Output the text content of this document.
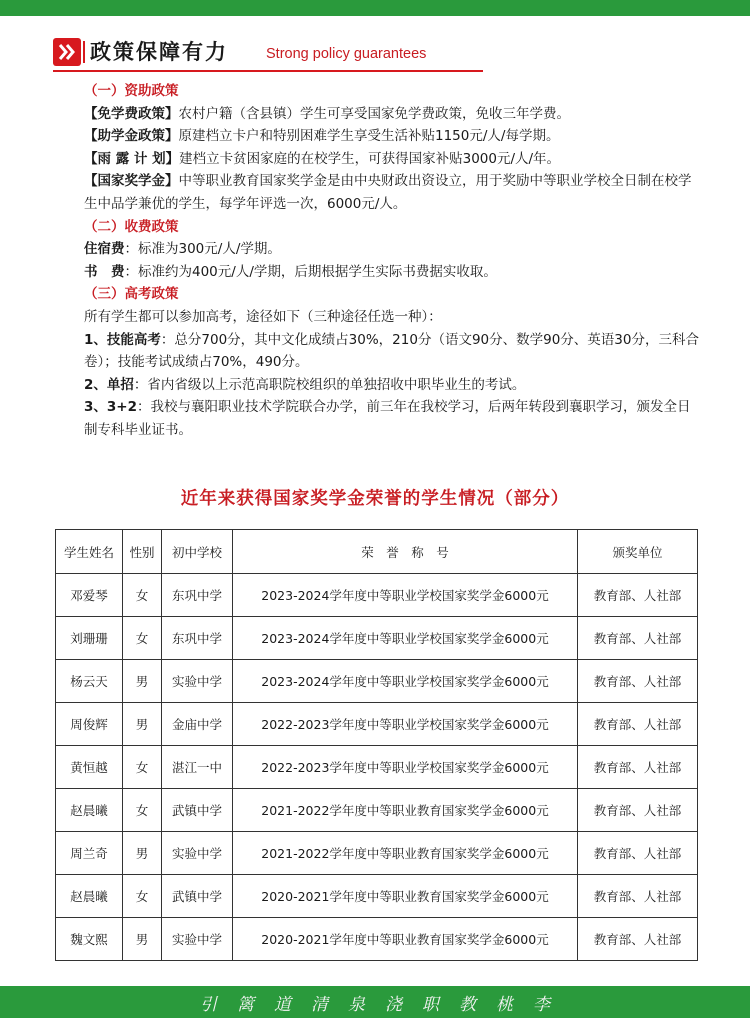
政策保障有力	Strong policy guarantees

（一）资助政策

【免学费政策】农村户籍（含县镇）学生可享受国家免学费政策，免收三年学费。

【助学金政策】原建档立卡户和特别困难学生享受生活补贴1150元/人/每学期。

【雨 露 计 划】建档立卡贫困家庭的在校学生，可获得国家补贴3000元/人/年。

【国家奖学金】中等职业教育国家奖学金是由中央财政出资设立，用于奖励中等职业学校全日制在校学生中品学兼优的学生，每学年评选一次，6000元/人。

（二）收费政策

住宿费：标准为300元/人/学期。

书　费：标准约为400元/人/学期，后期根据学生实际书费据实收取。

（三）高考政策

所有学生都可以参加高考，途径如下（三种途径任选一种）：

1、技能高考：总分700分，其中文化成绩占30%，210分（语文90分、数学90分、英语30分，三科合卷）；技能考试成绩占70%，490分。

2、单招：省内省级以上示范高职院校组织的单独招收中职毕业生的考试。

3、3+2：我校与襄阳职业技术学院联合办学，前三年在我校学习，后两年转段到襄职学习，颁发全日制专科毕业证书。

近年来获得国家奖学金荣誉的学生情况（部分）
学生姓名	性别	初中学校	荣　誉　称　号	颁奖单位
邓爱琴	女	东巩中学	2023-2024学年度中等职业学校国家奖学金6000元	教育部、人社部
刘珊珊	女	东巩中学	2023-2024学年度中等职业学校国家奖学金6000元	教育部、人社部
杨云天	男	实验中学	2023-2024学年度中等职业学校国家奖学金6000元	教育部、人社部
周俊辉	男	金庙中学	2022-2023学年度中等职业学校国家奖学金6000元	教育部、人社部
黄恒越	女	湛江一中	2022-2023学年度中等职业学校国家奖学金6000元	教育部、人社部
赵晨曦	女	武镇中学	2021-2022学年度中等职业教育国家奖学金6000元	教育部、人社部
周兰奇	男	实验中学	2021-2022学年度中等职业教育国家奖学金6000元	教育部、人社部
赵晨曦	女	武镇中学	2020-2021学年度中等职业教育国家奖学金6000元	教育部、人社部
魏文熙	男	实验中学	2020-2021学年度中等职业教育国家奖学金6000元	教育部、人社部
引篱道清泉浇职教桃李
